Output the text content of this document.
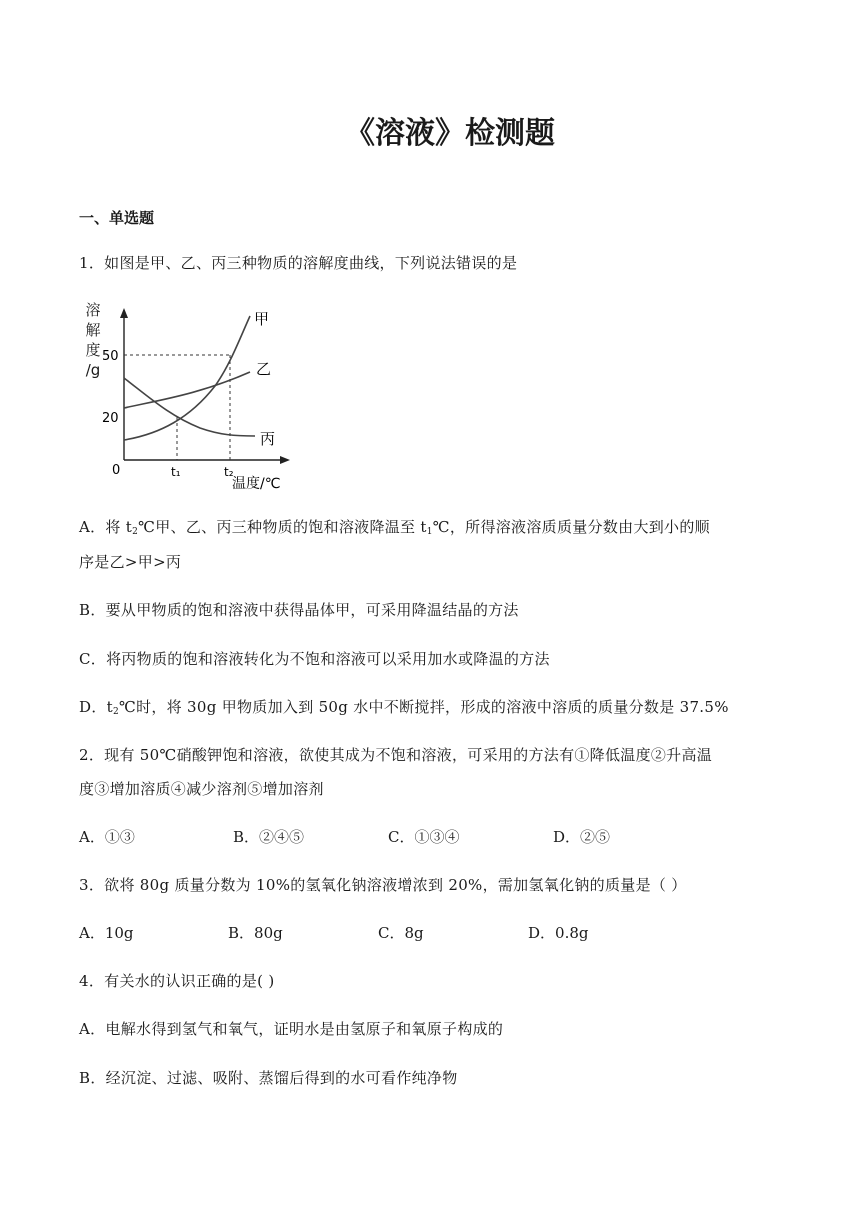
《溶液》检测题
一、单选题
1．如图是甲、乙、丙三种物质的溶解度曲线，下列说法错误的是
溶
解
度
/g
50
20
0	t₁	t₂
温度/℃
甲
乙
丙
A．将 $t_2℃$甲、乙、丙三种物质的饱和溶液降温至 $t_1℃$，所得溶液溶质质量分数由大到小的顺
序是乙>甲>丙
B．要从甲物质的饱和溶液中获得晶体甲，可采用降温结晶的方法
C．将丙物质的饱和溶液转化为不饱和溶液可以采用加水或降温的方法
D．$t_2℃$时，将 30g 甲物质加入到 50g 水中不断搅拌，形成的溶液中溶质的质量分数是 37.5%
2．现有 50℃硝酸钾饱和溶液，欲使其成为不饱和溶液，可采用的方法有①降低温度②升高温
度③增加溶质④减少溶剂⑤增加溶剂
A．①③	B．②④⑤	C．①③④	D．②⑤
3．欲将 80g 质量分数为 10%的氢氧化钠溶液增浓到 20%，需加氢氧化钠的质量是（ ）
A．10g	B．80g	C．8g	D．0.8g
4．有关水的认识正确的是( )
A．电解水得到氢气和氧气，证明水是由氢原子和氧原子构成的
B．经沉淀、过滤、吸附、蒸馏后得到的水可看作纯净物
